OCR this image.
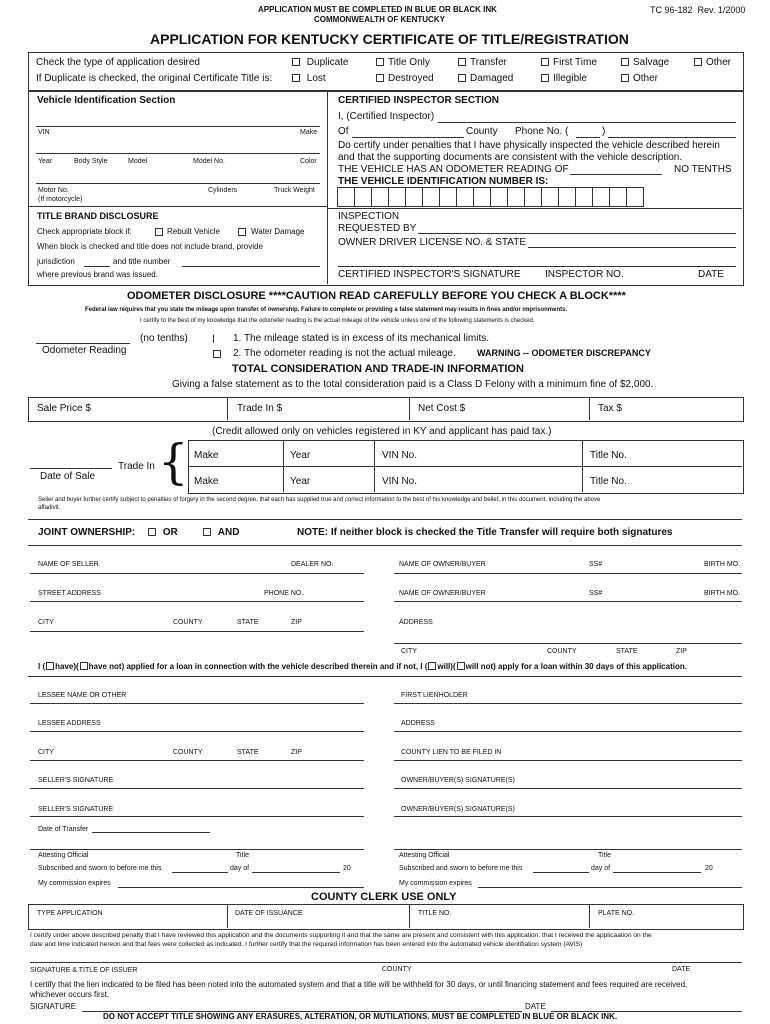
APPLICATION MUST BE COMPLETED IN BLUE OR BLACK INK
COMMONWEALTH OF KENTUCKY
TC 96-182 Rev. 1/2000
APPLICATION FOR KENTUCKY CERTIFICATE OF TITLE/REGISTRATION
Check the type of application desired
If Duplicate is checked, the original Certificate Title is:
Duplicate	Title Only	Transfer	First Time	Salvage	Other
Lost	Destroyed	Damaged	Illegible	Other
Vehicle Identification Section
VIN	Make
Year	Body Style	Model	Model No.	Color
Motor No.
(If motorcycle)
Cylinders	Truck Weight
TITLE BRAND DISCLOSURE
Check appropriate block if:	Rebuilt Vehicle	Water Damage
When block is checked and title does not include brand, provide
jurisdiction	and title number
where previous brand was issued.
CERTIFIED INSPECTOR SECTION
I, (Certified Inspector)
Of	County Phone No. (	)
Do certify under penalties that I have physically inspected the vehicle described herein
and that the supporting documents are consistent with the vehicle description.
THE VEHICLE HAS AN ODOMETER READING OF	NO TENTHS
THE VEHICLE IDENTIFICATION NUMBER IS:
INSPECTION
REQUESTED BY
OWNER DRIVER LICENSE NO. & STATE
CERTIFIED INSPECTOR'S SIGNATURE INSPECTOR NO.	DATE
ODOMETER DISCLOSURE ****CAUTION READ CAREFULLY BEFORE YOU CHECK A BLOCK****
Federal law requires that you state the mileage upon transfer of ownership. Failure to complete or providing a false statement may results in fines and/or imprisonments.
I certify to the best of my knowledge that the odometer reading is the actual mileage of the vehicle unless one of the following statements is checked.
(no tenths)
Odometer Reading
1. The mileage stated is in excess of its mechanical limits.
2. The odometer reading is not the actual mileage. WARNING -- ODOMETER DISCREPANCY
TOTAL CONSIDERATION AND TRADE-IN INFORMATION
Giving a false statement as to the total consideration paid is a Class D Felony with a minimum fine of $2,000.
Sale Price $	Trade In $	Net Cost $	Tax $
(Credit allowed only on vehicles registered in KY and applicant has paid tax.)
Make	Year	VIN No.	Title No.
Make	Year	VIN No.	Title No.
{
Trade In
Date of Sale
Seller and buyer further certify subject to penalties of forgery in the second degree, that each has supplied true and correct information to the best of his knowledge and belief, in this document, including the above
affadivit.
JOINT OWNERSHIP:	OR	AND	NOTE: If neither block is checked the Title Transfer will require both signatures
NAME OF SELLER	DEALER NO.	NAME OF OWNER/BUYER	SS#	BIRTH MO.
STREET ADDRESS	PHONE NO.	NAME OF OWNER/BUYER	SS#	BIRTH MO.
CITY	COUNTY	STATE	ZIP	ADDRESS
CITY	COUNTY	STATE	ZIP
I ( have)( have not) applied for a loan in connection with the vehicle described therein and if not, I ( will)( will not) apply for a loan within 30 days of this application.
LESSEE NAME OR OTHER	FIRST LIENHOLDER
LESSEE ADDRESS	ADDRESS
CITY	COUNTY	STATE	ZIP	COUNTY LIEN TO BE FILED IN
SELLER'S SIGNATURE	OWNER/BUYER(S) SIGNATURE(S)
SELLER'S SIGNATURE	OWNER/BUYER(S) SIGNATURE(S)
Date of Transfer
Attesting Official	Title	Attesting Official	Title
Subscribed and sworn to before me this	day of	20	Subscribed and sworn to before me this	day of	20
My commission expires	My commission expires
COUNTY CLERK USE ONLY
TYPE APPLICATION	DATE OF ISSUANCE	TITLE NO.	PLATE NO.
I certify under above described penalty that I have reviewed this application and the documents supporting it and that the same are present and consistent with this application; that I received the applicaation on the
date and time indicated hereon and that fees were collected as indicated. I further certify that the required information has been entered into the automated vehicle identifiation system (AVIS)
SIGNATURE & TITLE OF ISSUER	COUNTY	DATE
I certify that the lien indicated to be filed has been noted into the automated system and that a title will be withheld for 30 days, or until financing statement and fees required are received,
whichever occurs first.
SIGNATURE	DATE
DO NOT ACCEPT TITLE SHOWING ANY ERASURES, ALTERATION, OR MUTILATIONS. MUST BE COMPLETED IN BLUE OR BLACK INK.
